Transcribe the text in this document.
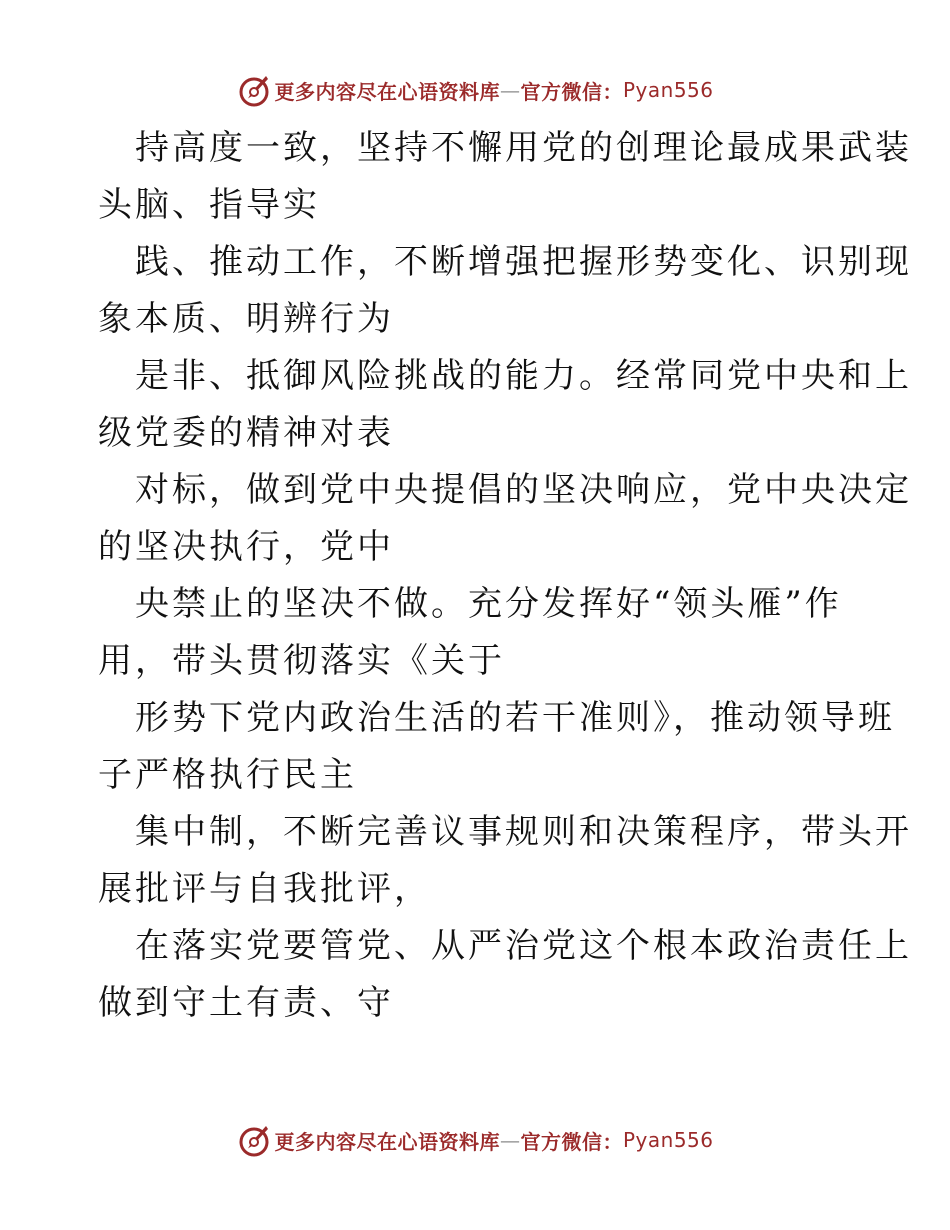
更多内容尽在心语资料库 — 官方微信： Pyan556
持高度一致，坚持不懈用党的创理论最成果武装
头脑、指导实
践、推动工作，不断增强把握形势变化、识别现
象本质、明辨行为
是非、抵御风险挑战的能力。经常同党中央和上
级党委的精神对表
对标，做到党中央提倡的坚决响应，党中央决定
的坚决执行，党中
央禁止的坚决不做。充分发挥好“领头雁”作
用，带头贯彻落实《关于
形势下党内政治生活的若干准则》，推动领导班
子严格执行民主
集中制，不断完善议事规则和决策程序，带头开
展批评与自我批评，
在落实党要管党、从严治党这个根本政治责任上
做到守土有责、守
更多内容尽在心语资料库 — 官方微信： Pyan556
